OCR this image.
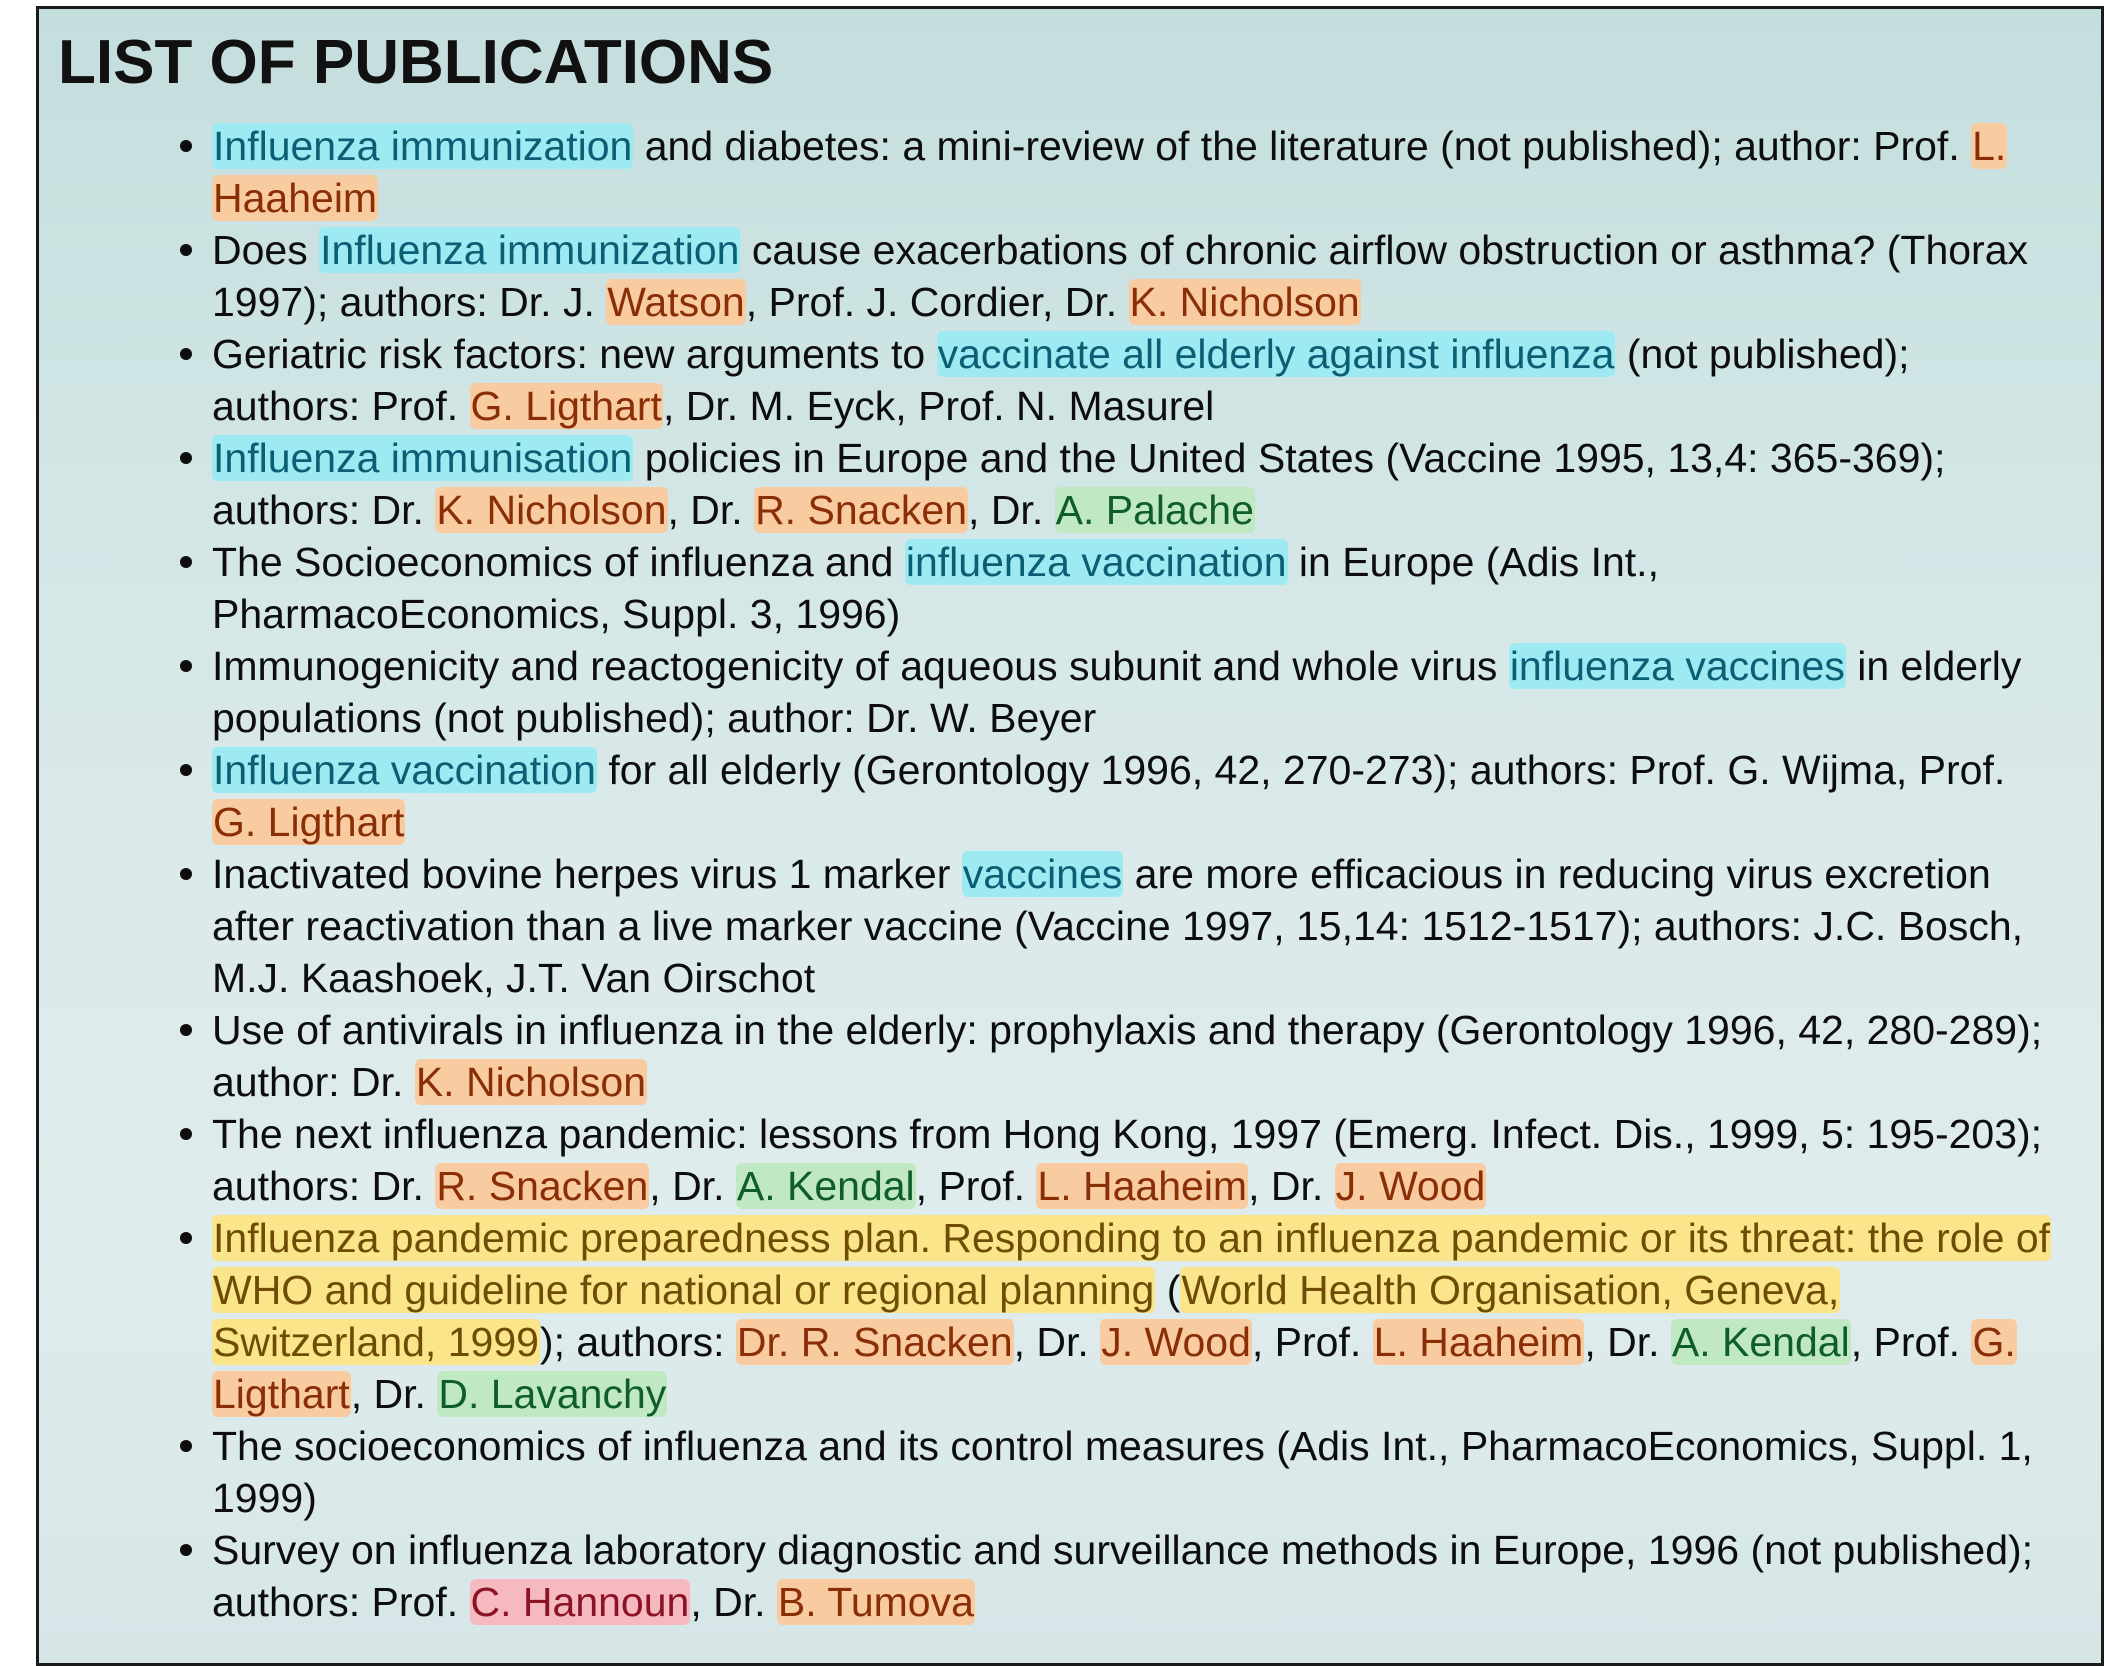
LIST OF PUBLICATIONS
Influenza immunization and diabetes: a mini-review of the literature (not published); author: Prof. L. Haaheim
Does Influenza immunization cause exacerbations of chronic airflow obstruction or asthma? (Thorax 1997); authors: Dr. J. Watson, Prof. J. Cordier, Dr. K. Nicholson
Geriatric risk factors: new arguments to vaccinate all elderly against influenza (not published); authors: Prof. G. Ligthart, Dr. M. Eyck, Prof. N. Masurel
Influenza immunisation policies in Europe and the United States (Vaccine 1995, 13,4: 365-369); authors: Dr. K. Nicholson, Dr. R. Snacken, Dr. A. Palache
The Socioeconomics of influenza and influenza vaccination in Europe (Adis Int., PharmacoEconomics, Suppl. 3, 1996)
Immunogenicity and reactogenicity of aqueous subunit and whole virus influenza vaccines in elderly populations (not published); author: Dr. W. Beyer
Influenza vaccination for all elderly (Gerontology 1996, 42, 270-273); authors: Prof. G. Wijma, Prof. G. Ligthart
Inactivated bovine herpes virus 1 marker vaccines are more efficacious in reducing virus excretion after reactivation than a live marker vaccine (Vaccine 1997, 15,14: 1512-1517); authors: J.C. Bosch, M.J. Kaashoek, J.T. Van Oirschot
Use of antivirals in influenza in the elderly: prophylaxis and therapy (Gerontology 1996, 42, 280-289); author: Dr. K. Nicholson
The next influenza pandemic: lessons from Hong Kong, 1997 (Emerg. Infect. Dis., 1999, 5: 195-203); authors: Dr. R. Snacken, Dr. A. Kendal, Prof. L. Haaheim, Dr. J. Wood
Influenza pandemic preparedness plan. Responding to an influenza pandemic or its threat: the role of WHO and guideline for national or regional planning (World Health Organisation, Geneva, Switzerland, 1999); authors: Dr. R. Snacken, Dr. J. Wood, Prof. L. Haaheim, Dr. A. Kendal, Prof. G. Ligthart, Dr. D. Lavanchy
The socioeconomics of influenza and its control measures (Adis Int., PharmacoEconomics, Suppl. 1, 1999)
Survey on influenza laboratory diagnostic and surveillance methods in Europe, 1996 (not published); authors: Prof. C. Hannoun, Dr. B. Tumova
